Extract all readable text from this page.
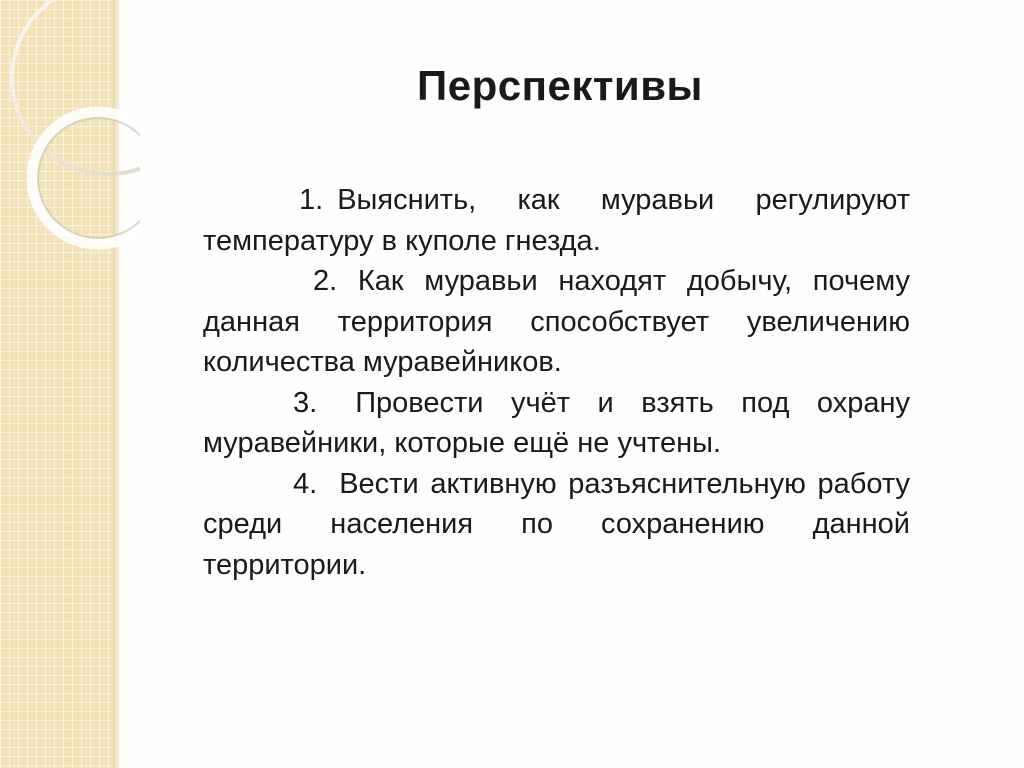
Перспективы

1. Выяснить, как муравьи регулируют температуру в куполе гнезда.

2. Как муравьи находят добычу, почему данная территория способствует увеличению количества муравейников.

3. Провести учёт и взять под охрану муравейники, которые ещё не учтены.

4. Вести активную разъяснительную работу среди населения по сохранению данной территории.
